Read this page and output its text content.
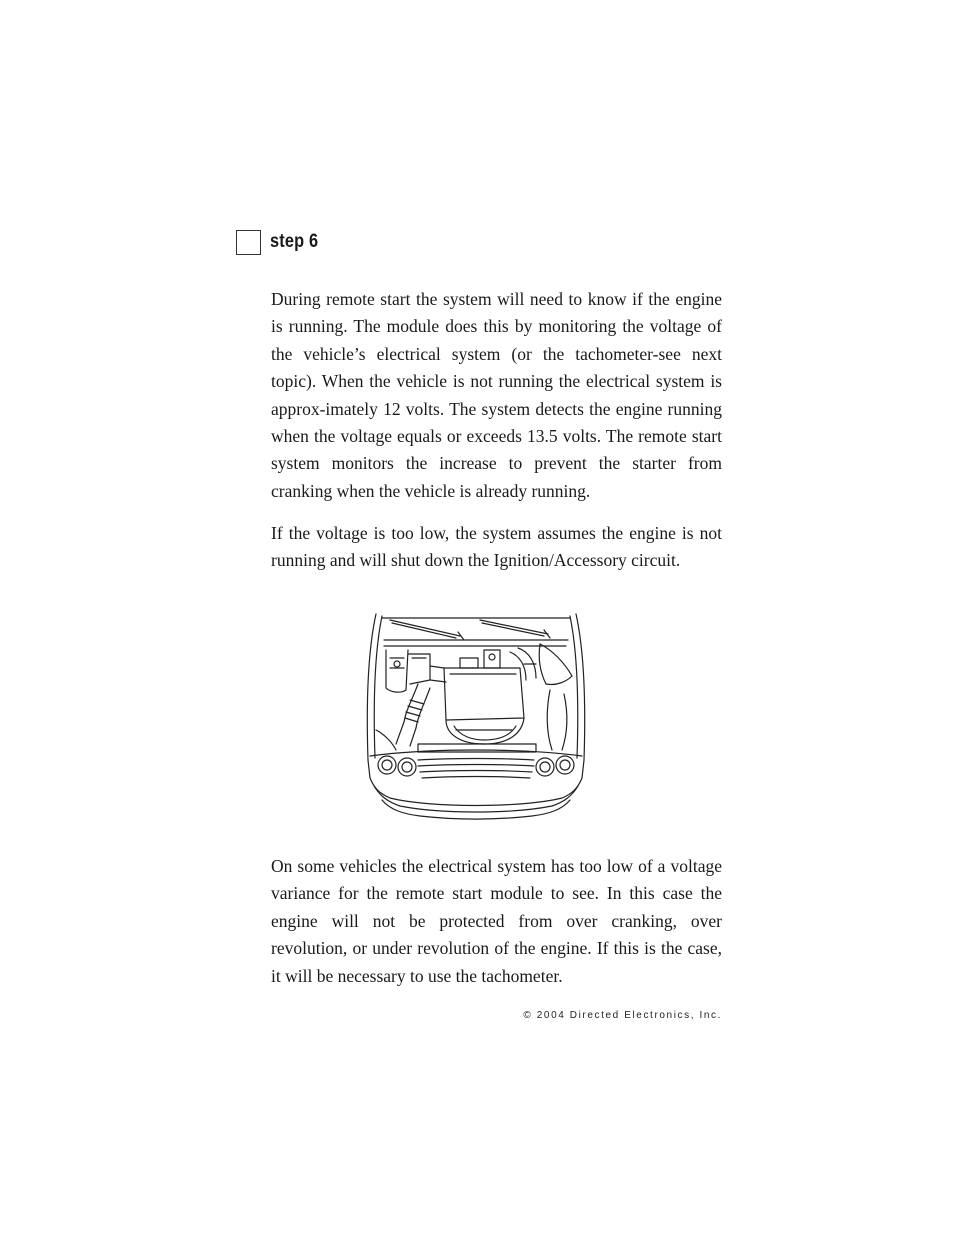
step 6

During remote start the system will need to know if the engine is running. The module does this by monitoring the voltage of the vehicle’s electrical system (or the tachometer-see next topic). When the vehicle is not running the electrical system is approx-imately 12 volts. The system detects the engine running when the voltage equals or exceeds 13.5 volts. The remote start system monitors the increase to prevent the starter from cranking when the vehicle is already running.

If the voltage is too low, the system assumes the engine is not running and will shut down the Ignition/Accessory circuit.

On some vehicles the electrical system has too low of a voltage variance for the remote start module to see. In this case the engine will not be protected from over cranking, over revolution, or under revolution of the engine. If this is the case, it will be necessary to use the tachometer.

© 2004 Directed Electronics, Inc.
